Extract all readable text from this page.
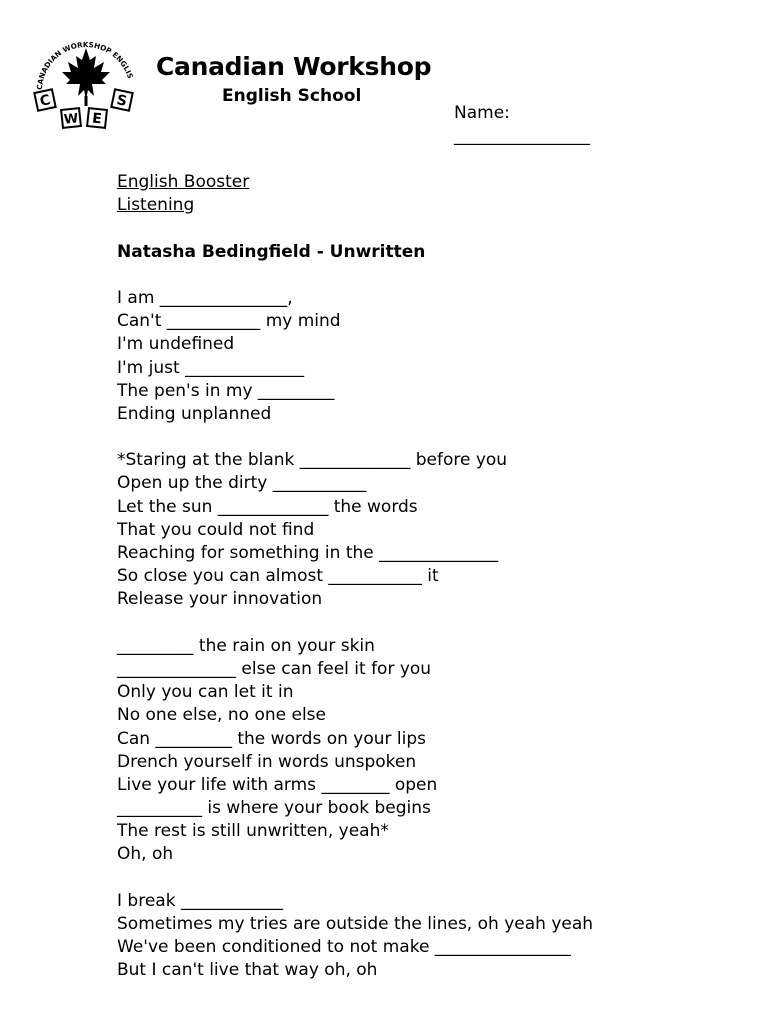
CANADIAN WORKSHOP ENGLIS
C
W E
S
Canadian Workshop
English School
Name:
________________
English Booster
Listening
Natasha Bedingfield - Unwritten
I am _______________,
Can't ___________ my mind
I'm undefined
I'm just ______________
The pen's in my _________
Ending unplanned
*Staring at the blank _____________ before you
Open up the dirty ___________
Let the sun _____________ the words
That you could not find
Reaching for something in the ______________
So close you can almost ___________ it
Release your innovation
_________ the rain on your skin
______________ else can feel it for you
Only you can let it in
No one else, no one else
Can _________ the words on your lips
Drench yourself in words unspoken
Live your life with arms ________ open
__________ is where your book begins
The rest is still unwritten, yeah*
Oh, oh
I break ____________
Sometimes my tries are outside the lines, oh yeah yeah
We've been conditioned to not make ________________
But I can't live that way oh, oh
